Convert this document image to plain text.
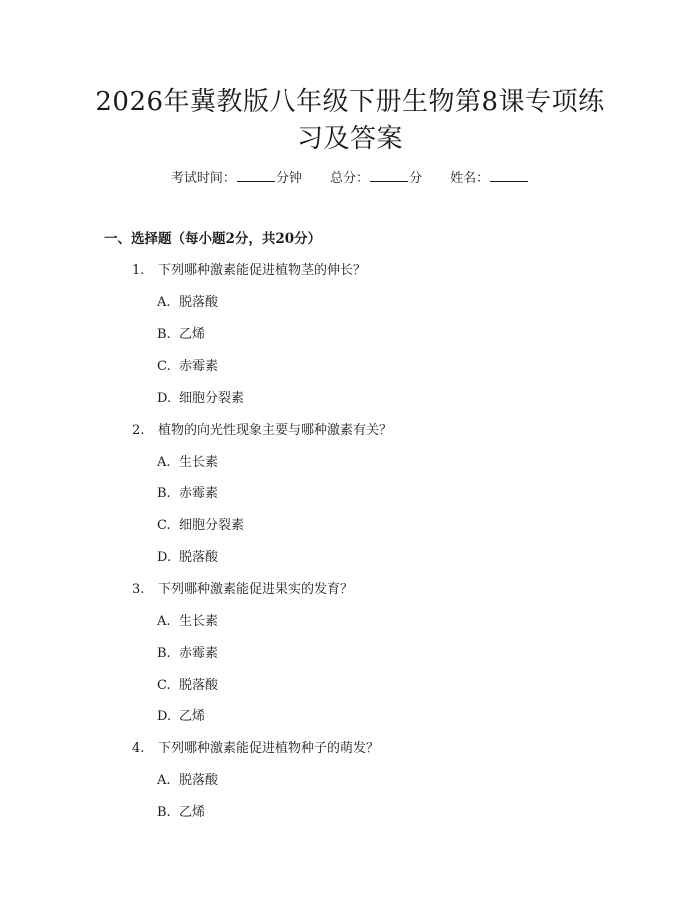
2026年冀教版八年级下册生物第8课专项练
习及答案
考试时间：	分钟 总分：	分 姓名：
一、选择题（每小题2分，共20分）
1. 下列哪种激素能促进植物茎的伸长？
A. 脱落酸
B. 乙烯
C. 赤霉素
D. 细胞分裂素
2. 植物的向光性现象主要与哪种激素有关？
A. 生长素
B. 赤霉素
C. 细胞分裂素
D. 脱落酸
3. 下列哪种激素能促进果实的发育？
A. 生长素
B. 赤霉素
C. 脱落酸
D. 乙烯
4. 下列哪种激素能促进植物种子的萌发？
A. 脱落酸
B. 乙烯
